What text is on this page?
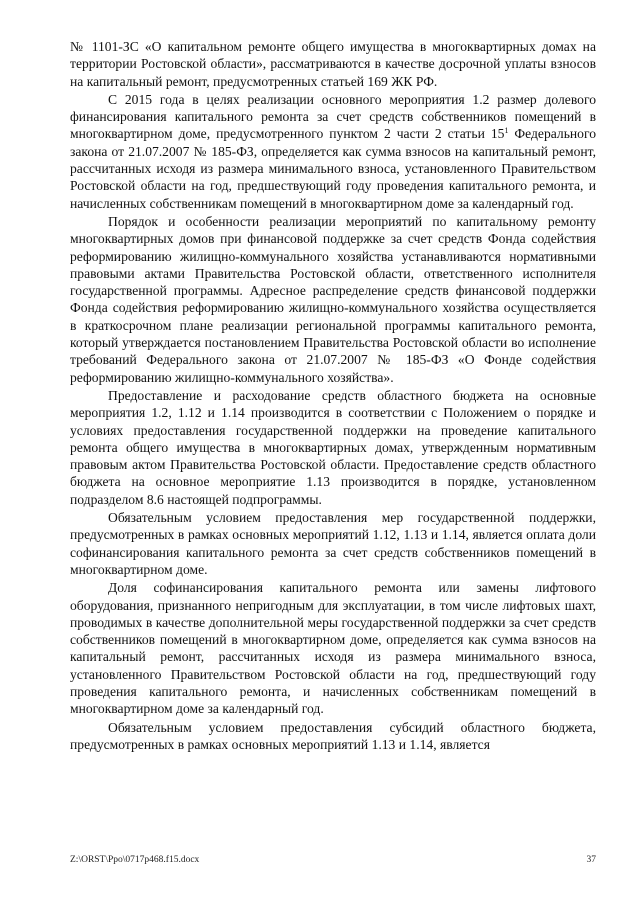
№ 1101-ЗС «О капитальном ремонте общего имущества в многоквартирных домах на территории Ростовской области», рассматриваются в качестве досрочной уплаты взносов на капитальный ремонт, предусмотренных статьей 169 ЖК РФ.

С 2015 года в целях реализации основного мероприятия 1.2 размер долевого финансирования капитального ремонта за счет средств собственников помещений в многоквартирном доме, предусмотренного пунктом 2 части 2 статьи $15^1$ Федерального закона от 21.07.2007 № 185-ФЗ, определяется как сумма взносов на капитальный ремонт, рассчитанных исходя из размера минимального взноса, установленного Правительством Ростовской области на год, предшествующий году проведения капитального ремонта, и начисленных собственникам помещений в многоквартирном доме за календарный год.

Порядок и особенности реализации мероприятий по капитальному ремонту многоквартирных домов при финансовой поддержке за счет средств Фонда содействия реформированию жилищно-коммунального хозяйства устанавливаются нормативными правовыми актами Правительства Ростовской области, ответственного исполнителя государственной программы. Адресное распределение средств финансовой поддержки Фонда содействия реформированию жилищно-коммунального хозяйства осуществляется в краткосрочном плане реализации региональной программы капитального ремонта, который утверждается постановлением Правительства Ростовской области во исполнение требований Федерального закона от 21.07.2007 № 185-ФЗ «О Фонде содействия реформированию жилищно-коммунального хозяйства».

Предоставление и расходование средств областного бюджета на основные мероприятия 1.2, 1.12 и 1.14 производится в соответствии с Положением о порядке и условиях предоставления государственной поддержки на проведение капитального ремонта общего имущества в многоквартирных домах, утвержденным нормативным правовым актом Правительства Ростовской области. Предоставление средств областного бюджета на основное мероприятие 1.13 производится в порядке, установленном подразделом 8.6 настоящей подпрограммы.

Обязательным условием предоставления мер государственной поддержки, предусмотренных в рамках основных мероприятий 1.12, 1.13 и 1.14, является оплата доли софинансирования капитального ремонта за счет средств собственников помещений в многоквартирном доме.

Доля софинансирования капитального ремонта или замены лифтового оборудования, признанного непригодным для эксплуатации, в том числе лифтовых шахт, проводимых в качестве дополнительной меры государственной поддержки за счет средств собственников помещений в многоквартирном доме, определяется как сумма взносов на капитальный ремонт, рассчитанных исходя из размера минимального взноса, установленного Правительством Ростовской области на год, предшествующий году проведения капитального ремонта, и начисленных собственникам помещений в многоквартирном доме за календарный год.

Обязательным условием предоставления субсидий областного бюджета, предусмотренных в рамках основных мероприятий 1.13 и 1.14, является

Z:\ORST\Ppo\0717p468.f15.docx	37
